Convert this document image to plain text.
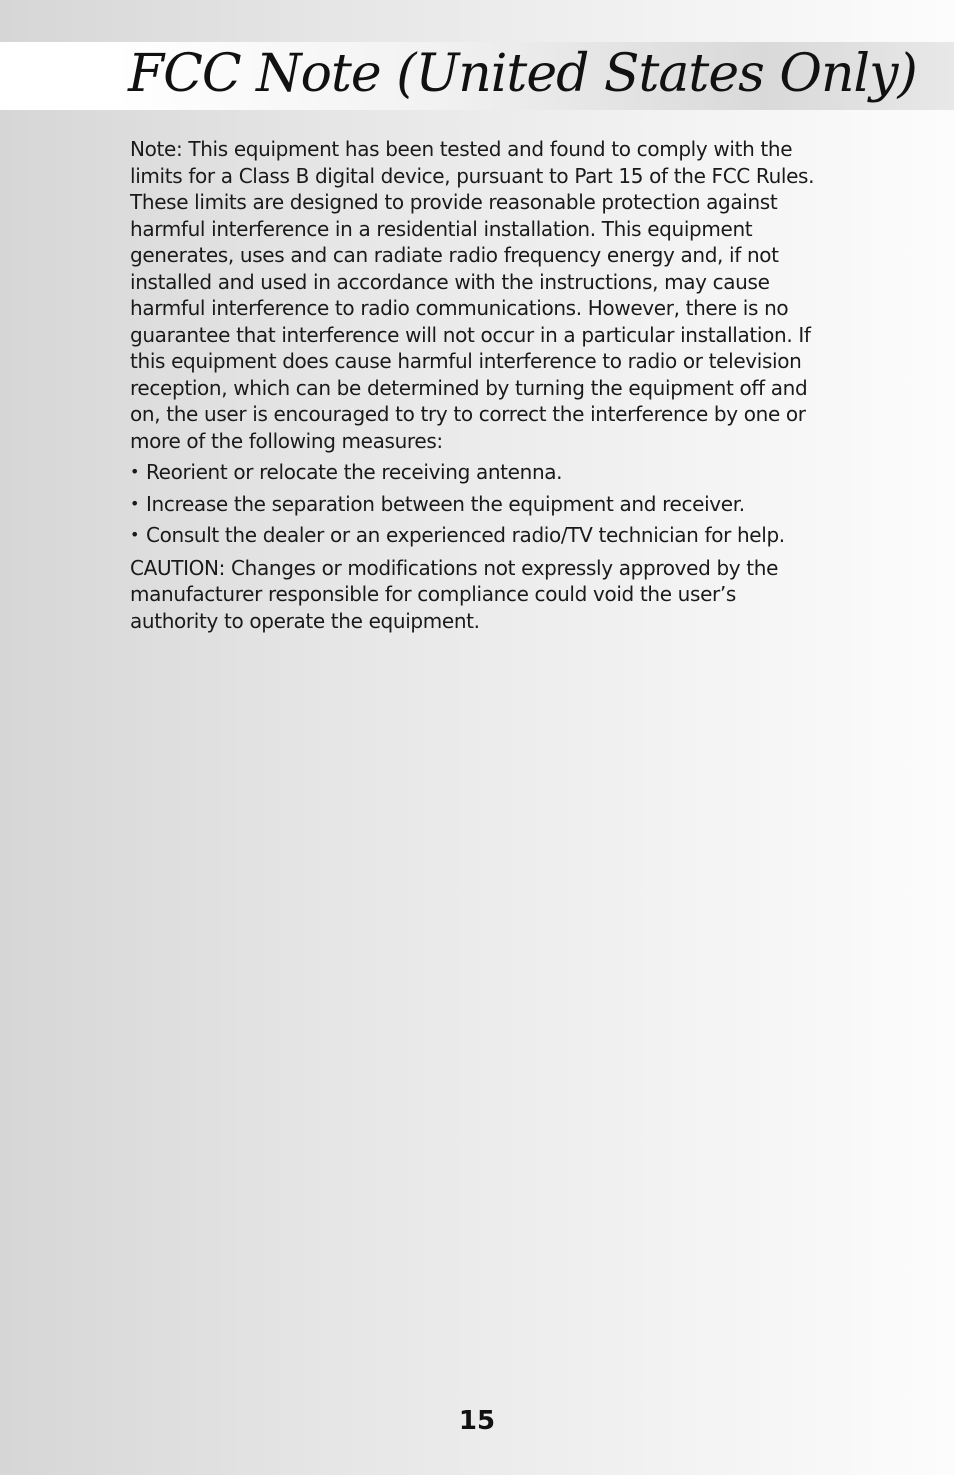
FCC Note (United States Only)

Note: This equipment has been tested and found to comply with the limits for a Class B digital device, pursuant to Part 15 of the FCC Rules. These limits are designed to provide reasonable protection against harmful interference in a residential installation. This equipment generates, uses and can radiate radio frequency energy and, if not installed and used in accordance with the instructions, may cause harmful interference to radio communications. However, there is no guarantee that interference will not occur in a particular installation. If this equipment does cause harmful interference to radio or television reception, which can be determined by turning the equipment off and on, the user is encouraged to try to correct the interference by one or more of the following measures:

• Reorient or relocate the receiving antenna.
• Increase the separation between the equipment and receiver.
• Consult the dealer or an experienced radio/TV technician for help.

CAUTION: Changes or modifications not expressly approved by the manufacturer responsible for compliance could void the user’s authority to operate the equipment.

15
